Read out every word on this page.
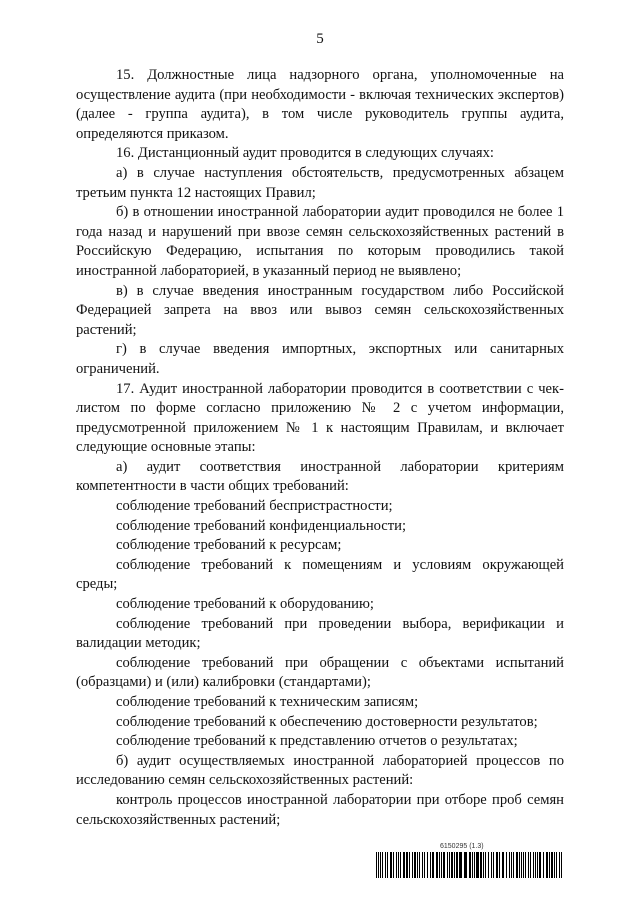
5

15. Должностные лица надзорного органа, уполномоченные на осуществление аудита (при необходимости - включая технических экспертов) (далее - группа аудита), в том числе руководитель группы аудита, определяются приказом.

16. Дистанционный аудит проводится в следующих случаях:

а) в случае наступления обстоятельств, предусмотренных абзацем третьим пункта 12 настоящих Правил;

б) в отношении иностранной лаборатории аудит проводился не более 1 года назад и нарушений при ввозе семян сельскохозяйственных растений в Российскую Федерацию, испытания по которым проводились такой иностранной лабораторией, в указанный период не выявлено;

в) в случае введения иностранным государством либо Российской Федерацией запрета на ввоз или вывоз семян сельскохозяйственных растений;

г) в случае введения импортных, экспортных или санитарных ограничений.

17. Аудит иностранной лаборатории проводится в соответствии с чек-листом по форме согласно приложению № 2 с учетом информации, предусмотренной приложением № 1 к настоящим Правилам, и включает следующие основные этапы:

а) аудит соответствия иностранной лаборатории критериям компетентности в части общих требований:

соблюдение требований беспристрастности;

соблюдение требований конфиденциальности;

соблюдение требований к ресурсам;

соблюдение требований к помещениям и условиям окружающей среды;

соблюдение требований к оборудованию;

соблюдение требований при проведении выбора, верификации и валидации методик;

соблюдение требований при обращении с объектами испытаний (образцами) и (или) калибровки (стандартами);

соблюдение требований к техническим записям;

соблюдение требований к обеспечению достоверности результатов;

соблюдение требований к представлению отчетов о результатах;

б) аудит осуществляемых иностранной лабораторией процессов по исследованию семян сельскохозяйственных растений:

контроль процессов иностранной лаборатории при отборе проб семян сельскохозяйственных растений;

6150295 (1.3)
